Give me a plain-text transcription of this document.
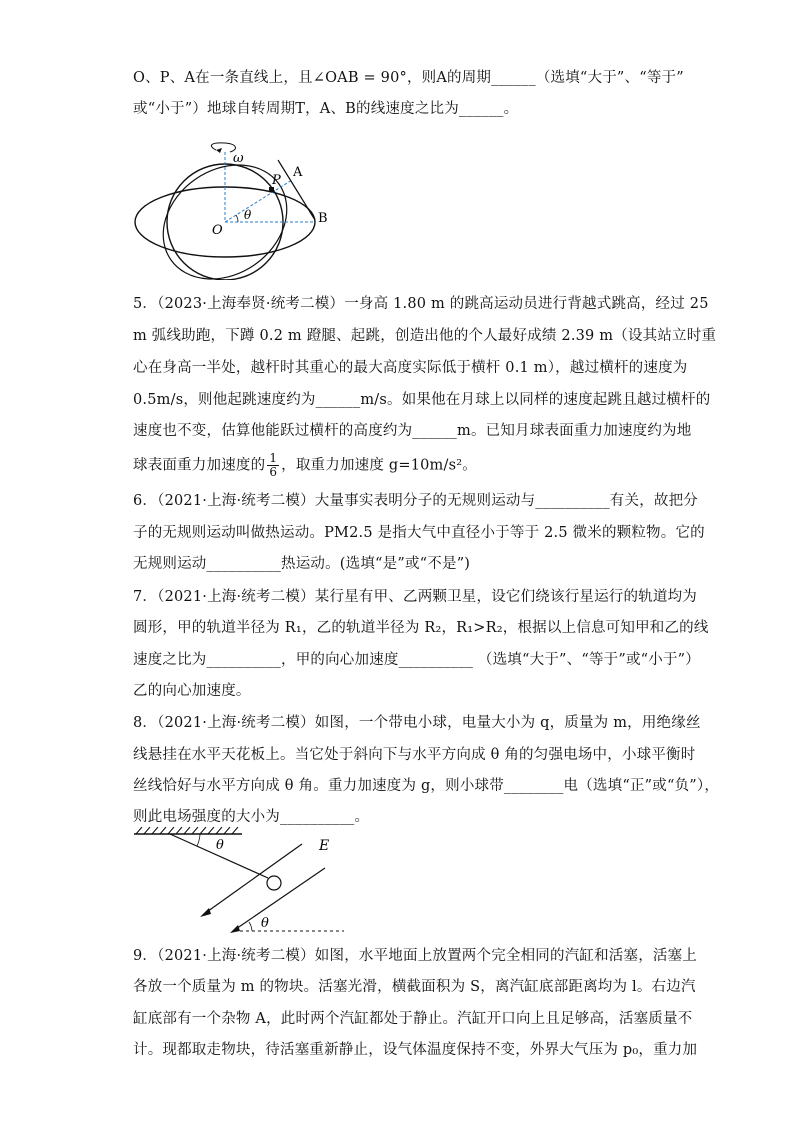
O、P、A在一条直线上，且∠OAB = 90°，则A的周期______（选填“大于”、“等于”
或“小于”）地球自转周期T，A、B的线速度之比为______。
ω
P
A
B
O
θ
5．（2023·上海奉贤·统考二模）一身高 1.80 m 的跳高运动员进行背越式跳高，经过 25
m 弧线助跑，下蹲 0.2 m 蹬腿、起跳，创造出他的个人最好成绩 2.39 m（设其站立时重
心在身高一半处，越杆时其重心的最大高度实际低于横杆 0.1 m），越过横杆的速度为
0.5m/s，则他起跳速度约为______m/s。如果他在月球上以同样的速度起跳且越过横杆的
速度也不变，估算他能跃过横杆的高度约为______m。已知月球表面重力加速度约为地
球表面重力加速度的 $\frac{1}{6}$ ，取重力加速度 g=10m/s²。
6．（2021·上海·统考二模）大量事实表明分子的无规则运动与__________有关，故把分
子的无规则运动叫做热运动。PM2.5 是指大气中直径小于等于 2.5 微米的颗粒物。它的
无规则运动__________热运动。(选填“是”或“不是”)
7．（2021·上海·统考二模）某行星有甲、乙两颗卫星，设它们绕该行星运行的轨道均为
圆形，甲的轨道半径为 R₁，乙的轨道半径为 R₂，R₁>R₂，根据以上信息可知甲和乙的线
速度之比为__________，甲的向心加速度__________ （选填“大于”、“等于”或“小于”）
乙的向心加速度。
8．（2021·上海·统考二模）如图，一个带电小球，电量大小为 q，质量为 m，用绝缘丝
线悬挂在水平天花板上。当它处于斜向下与水平方向成 θ 角的匀强电场中，小球平衡时
丝线恰好与水平方向成 θ 角。重力加速度为 g，则小球带________电（选填“正”或“负”），
则此电场强度的大小为__________。
θ	E
θ
9．（2021·上海·统考二模）如图，水平地面上放置两个完全相同的汽缸和活塞，活塞上
各放一个质量为 m 的物块。活塞光滑，横截面积为 S，离汽缸底部距离均为 l。右边汽
缸底部有一个杂物 A，此时两个汽缸都处于静止。汽缸开口向上且足够高，活塞质量不
计。现都取走物块，待活塞重新静止，设气体温度保持不变，外界大气压为 p₀，重力加
